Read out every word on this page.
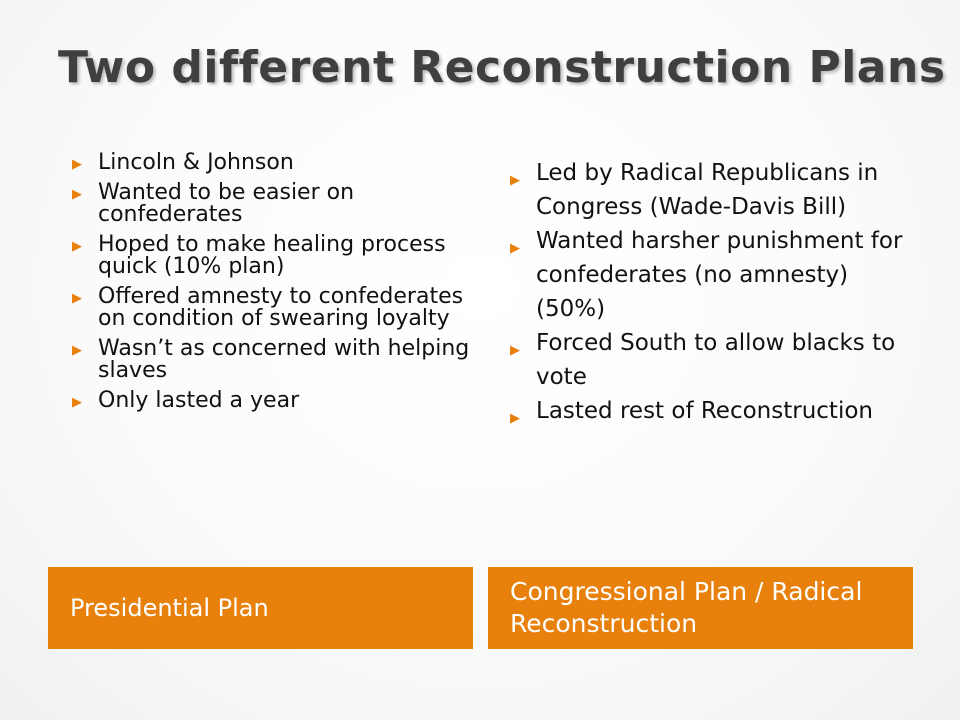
Two different Reconstruction Plans
▶ Lincoln & Johnson
▶ Wanted to be easier on confederates
▶ Hoped to make healing process quick (10% plan)
▶ Offered amnesty to confederates on condition of swearing loyalty
▶ Wasn’t as concerned with helping slaves
▶ Only lasted a year
▶ Led by Radical Republicans in Congress (Wade-Davis Bill)
▶ Wanted harsher punishment for confederates (no amnesty) (50%)
▶ Forced South to allow blacks to vote
▶ Lasted rest of Reconstruction
Presidential Plan
Congressional Plan / Radical Reconstruction
